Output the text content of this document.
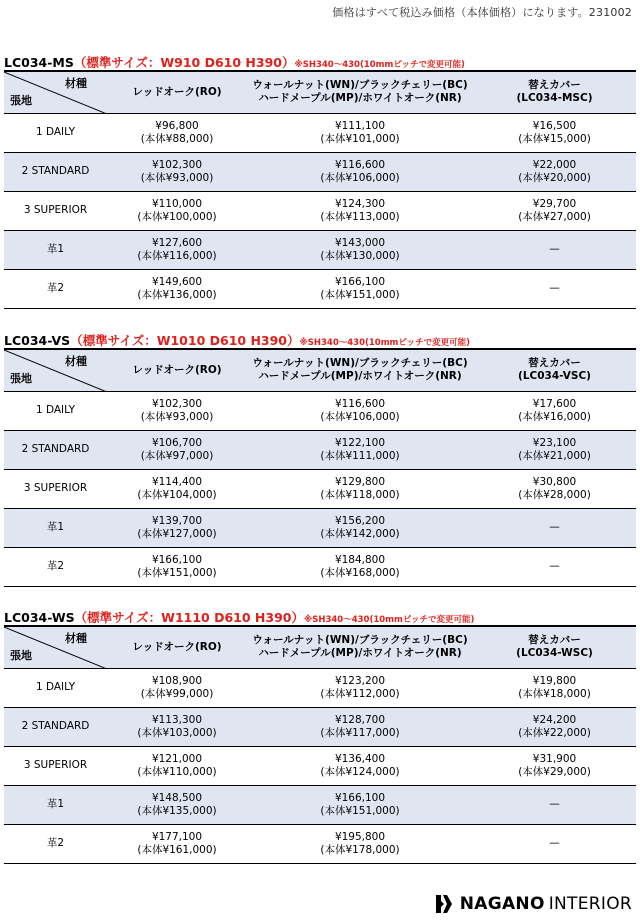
価格はすべて税込み価格（本体価格）になります。231002
LC034-MS（標準サイズ：W910 D610 H390）※SH340～430(10mmピッチで変更可能)
材種
張地	レッドオーク(RO)	ウォールナット(WN)/ブラックチェリー(BC)
ハードメープル(MP)/ホワイトオーク(NR)	替えカバー
(LC034-MSC)

1 DAILY	¥96,800
(本体¥88,000)	¥111,100
(本体¥101,000)	¥16,500
(本体¥15,000)

2 STANDARD	¥102,300
(本体¥93,000)	¥116,600
(本体¥106,000)	¥22,000
(本体¥20,000)

3 SUPERIOR	¥110,000
(本体¥100,000)	¥124,300
(本体¥113,000)	¥29,700
(本体¥27,000)

革1	¥127,600
(本体¥116,000)	¥143,000
(本体¥130,000)	—

革2	¥149,600
(本体¥136,000)	¥166,100
(本体¥151,000)	—
LC034-VS（標準サイズ：W1010 D610 H390）※SH340～430(10mmピッチで変更可能)
材種
張地	レッドオーク(RO)	ウォールナット(WN)/ブラックチェリー(BC)
ハードメープル(MP)/ホワイトオーク(NR)	替えカバー
(LC034-VSC)

1 DAILY	¥102,300
(本体¥93,000)	¥116,600
(本体¥106,000)	¥17,600
(本体¥16,000)

2 STANDARD	¥106,700
(本体¥97,000)	¥122,100
(本体¥111,000)	¥23,100
(本体¥21,000)

3 SUPERIOR	¥114,400
(本体¥104,000)	¥129,800
(本体¥118,000)	¥30,800
(本体¥28,000)

革1	¥139,700
(本体¥127,000)	¥156,200
(本体¥142,000)	—

革2	¥166,100
(本体¥151,000)	¥184,800
(本体¥168,000)	—
LC034-WS（標準サイズ：W1110 D610 H390）※SH340～430(10mmピッチで変更可能)
材種
張地	レッドオーク(RO)	ウォールナット(WN)/ブラックチェリー(BC)
ハードメープル(MP)/ホワイトオーク(NR)	替えカバー
(LC034-WSC)

1 DAILY	¥108,900
(本体¥99,000)	¥123,200
(本体¥112,000)	¥19,800
(本体¥18,000)

2 STANDARD	¥113,300
(本体¥103,000)	¥128,700
(本体¥117,000)	¥24,200
(本体¥22,000)

3 SUPERIOR	¥121,000
(本体¥110,000)	¥136,400
(本体¥124,000)	¥31,900
(本体¥29,000)

革1	¥148,500
(本体¥135,000)	¥166,100
(本体¥151,000)	—

革2	¥177,100
(本体¥161,000)	¥195,800
(本体¥178,000)	—
NAGANO INTERIOR
